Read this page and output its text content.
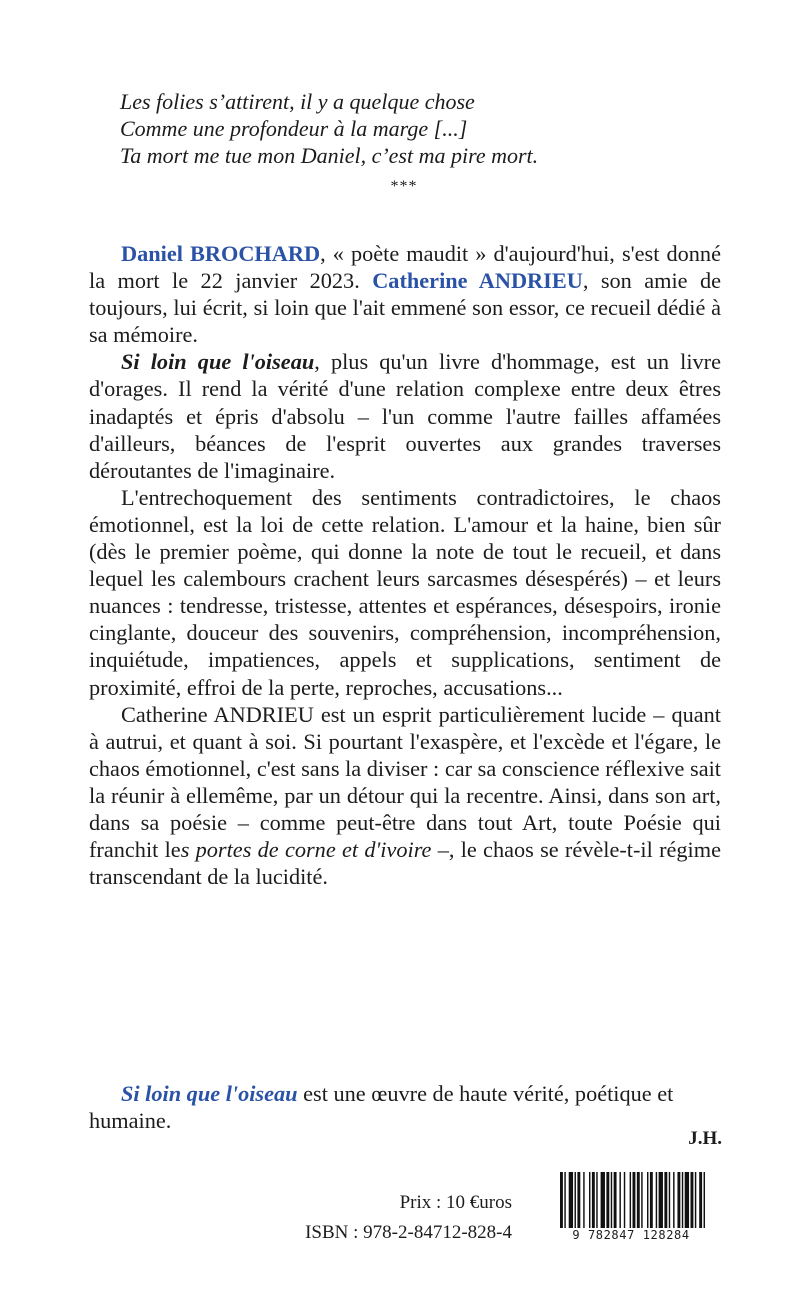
Les folies s’attirent, il y a quelque chose
Comme une profondeur à la marge [...]
Ta mort me tue mon Daniel, c’est ma pire mort.
***

Daniel BROCHARD, « poète maudit » d'aujourd'hui, s'est donné la mort le 22 janvier 2023. Catherine ANDRIEU, son amie de toujours, lui écrit, si loin que l'ait emmené son essor, ce recueil dédié à sa mémoire.

Si loin que l'oiseau, plus qu'un livre d'hommage, est un livre d'orages. Il rend la vérité d'une relation complexe entre deux êtres inadaptés et épris d'absolu – l'un comme l'autre failles affamées d'ailleurs, béances de l'esprit ouvertes aux grandes traverses déroutantes de l'imaginaire.

L'entrechoquement des sentiments contradictoires, le chaos émotionnel, est la loi de cette relation. L'amour et la haine, bien sûr (dès le premier poème, qui donne la note de tout le recueil, et dans lequel les calembours crachent leurs sarcasmes désespérés) – et leurs nuances : tendresse, tristesse, attentes et espérances, désespoirs, ironie cinglante, douceur des souvenirs, compréhension, incompréhension, inquiétude, impatiences, appels et supplications, sentiment de proximité, effroi de la perte, reproches, accusations...

Catherine ANDRIEU est un esprit particulièrement lucide – quant à autrui, et quant à soi. Si pourtant l'exaspère, et l'excède et l'égare, le chaos émotionnel, c'est sans la diviser : car sa conscience réflexive sait la réunir à ellemême, par un détour qui la recentre. Ainsi, dans son art, dans sa poésie – comme peut-être dans tout Art, toute Poésie qui franchit les portes de corne et d'ivoire –, le chaos se révèle-t-il régime transcendant de la lucidité.

Si loin que l'oiseau est une œuvre de haute vérité, poétique et humaine.

J.H.
Prix : 10 €uros
ISBN : 978-2-84712-828-4	9 782847 128284
